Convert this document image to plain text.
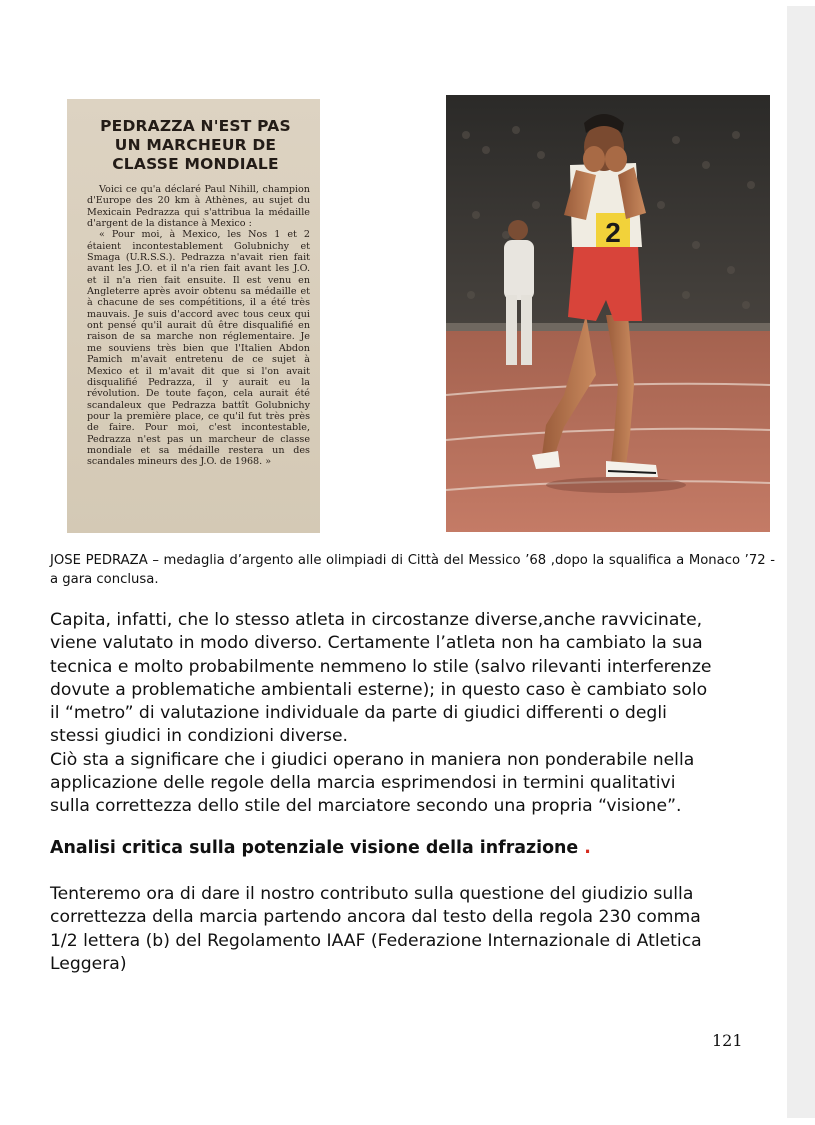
PEDRAZZA N'EST PAS
UN MARCHEUR DE
CLASSE MONDIALE

Voici ce qu'a déclaré Paul Nihill, champion d'Europe des 20 km à Athènes, au sujet du Mexicain Pedrazza qui s'attribua la médaille d'argent de la distance à Mexico :

« Pour moi, à Mexico, les Nos 1 et 2 étaient incontestablement Golubnichy et Smaga (U.R.S.S.). Pedrazza n'avait rien fait avant les J.O. et il n'a rien fait avant les J.O. et il n'a rien fait ensuite. Il est venu en Angleterre après avoir obtenu sa médaille et à chacune de ses compétitions, il a été très mauvais. Je suis d'accord avec tous ceux qui ont pensé qu'il aurait dû être disqualifié en raison de sa marche non réglementaire. Je me souviens très bien que l'Italien Abdon Pamich m'avait entretenu de ce sujet à Mexico et il m'avait dit que si l'on avait disqualifié Pedrazza, il y aurait eu la révolution. De toute façon, cela aurait été scandaleux que Pedrazza battît Golubnichy pour la première place, ce qu'il fut très près de faire. Pour moi, c'est incontestable, Pedrazza n'est pas un marcheur de classe mondiale et sa médaille restera un des scandales mineurs des J.O. de 1968. »

2

JOSE PEDRAZA – medaglia d’argento alle olimpiadi di Città del Messico ’68 ,dopo la squalifica a Monaco ’72 - a gara conclusa.

Capita, infatti, che lo stesso atleta in circostanze diverse,anche ravvicinate,
viene valutato in modo diverso. Certamente l’atleta non ha cambiato la sua
tecnica e molto probabilmente nemmeno lo stile (salvo rilevanti interferenze
dovute a problematiche ambientali esterne); in questo caso è cambiato solo
il “metro” di valutazione individuale da parte di giudici differenti o degli
stessi giudici in condizioni diverse.
Ciò sta a significare che i giudici operano in maniera non ponderabile nella
applicazione delle regole della marcia esprimendosi in termini qualitativi
sulla correttezza dello stile del marciatore secondo una propria “visione”.

Analisi critica sulla potenziale visione della infrazione .

Tenteremo ora di dare il nostro contributo sulla questione del giudizio sulla
correttezza della marcia partendo ancora dal testo della regola 230 comma
1/2 lettera (b) del Regolamento IAAF (Federazione Internazionale di Atletica
Leggera)
121
